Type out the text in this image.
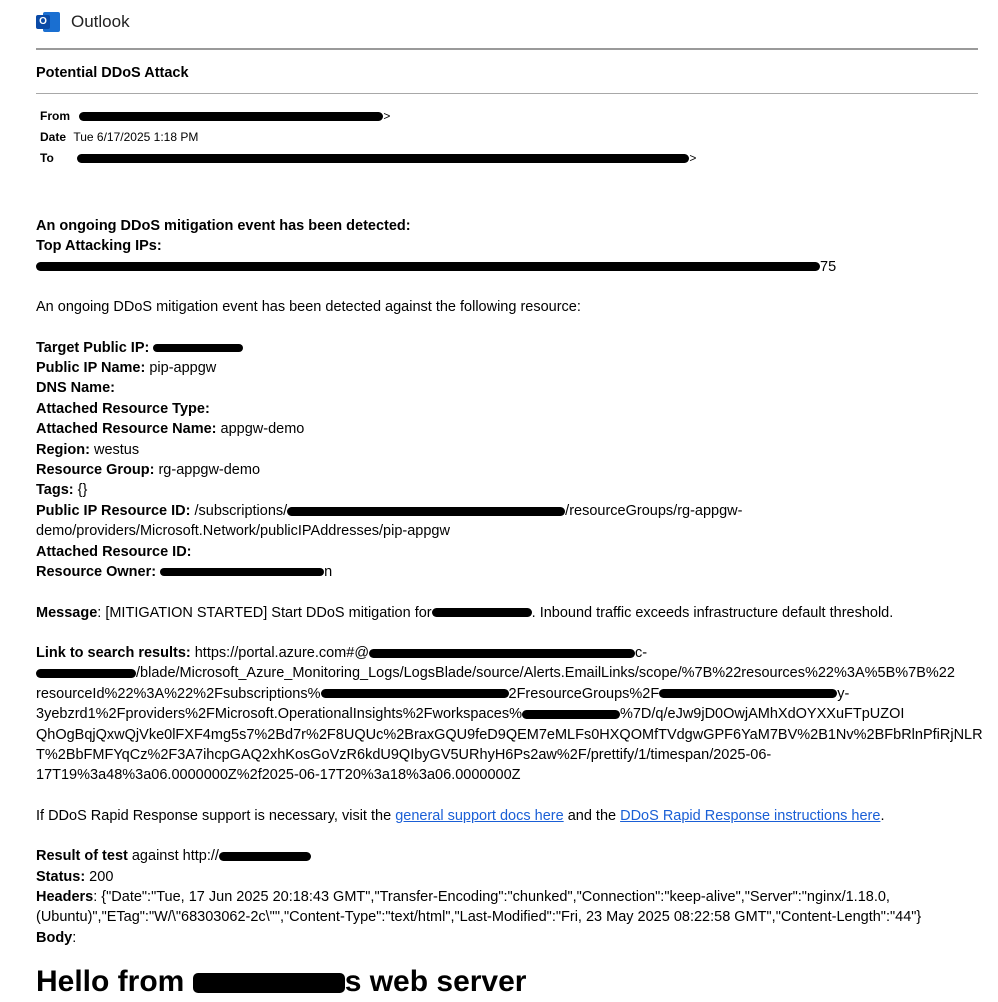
O Outlook
Potential DDoS Attack
From	>
Date Tue 6/17/2025 1:18 PM
To	>

An ongoing DDoS mitigation event has been detected:

Top Attacking IPs:

75

An ongoing DDoS mitigation event has been detected against the following resource:

Target Public IP:

Public IP Name: pip-appgw

DNS Name:

Attached Resource Type:

Attached Resource Name: appgw-demo

Region: westus

Resource Group: rg-appgw-demo

Tags: {}

Public IP Resource ID: /subscriptions/	/resourceGroups/rg-appgw-

demo/providers/Microsoft.Network/publicIPAddresses/pip-appgw

Attached Resource ID:

Resource Owner:	n

Message: [MITIGATION STARTED] Start DDoS mitigation for	. Inbound traffic exceeds infrastructure default threshold.

Link to search results: https://portal.azure.com#@	c-

/blade/Microsoft_Azure_Monitoring_Logs/LogsBlade/source/Alerts.EmailLinks/scope/%7B%22resources%22%3A%5B%7B%22

resourceId%22%3A%22%2Fsubscriptions%	2FresourceGroups%2F	y-

3yebzrd1%2Fproviders%2FMicrosoft.OperationalInsights%2Fworkspaces%	%7D/q/eJw9jD0OwjAMhXdOYXXuFTpUZOI

QhOgBqjQxwQjVke0lFXF4mg5s7%2Bd7r%2F8UQUc%2BraxGQU9feD9QEM7eMLFs0HXQOMfTVdgwGPF6YaM7BV%2B1Nv%2BFbRlnPfiRjNLR

T%2BbFMFYqCz%2F3A7ihcpGAQ2xhKosGoVzR6kdU9QIbyGV5URhyH6Ps2aw%2F/prettify/1/timespan/2025-06-

17T19%3a48%3a06.0000000Z%2f2025-06-17T20%3a18%3a06.0000000Z

If DDoS Rapid Response support is necessary, visit the general support docs here and the DDoS Rapid Response instructions here.

Result of test against http://

Status: 200

Headers: {"Date":"Tue, 17 Jun 2025 20:18:43 GMT","Transfer-Encoding":"chunked","Connection":"keep-alive","Server":"nginx/1.18.0,

(Ubuntu)","ETag":"W/\"68303062-2c\"","Content-Type":"text/html","Last-Modified":"Fri, 23 May 2025 08:22:58 GMT","Content-Length":"44"}

Body:

Hello from	s web server
